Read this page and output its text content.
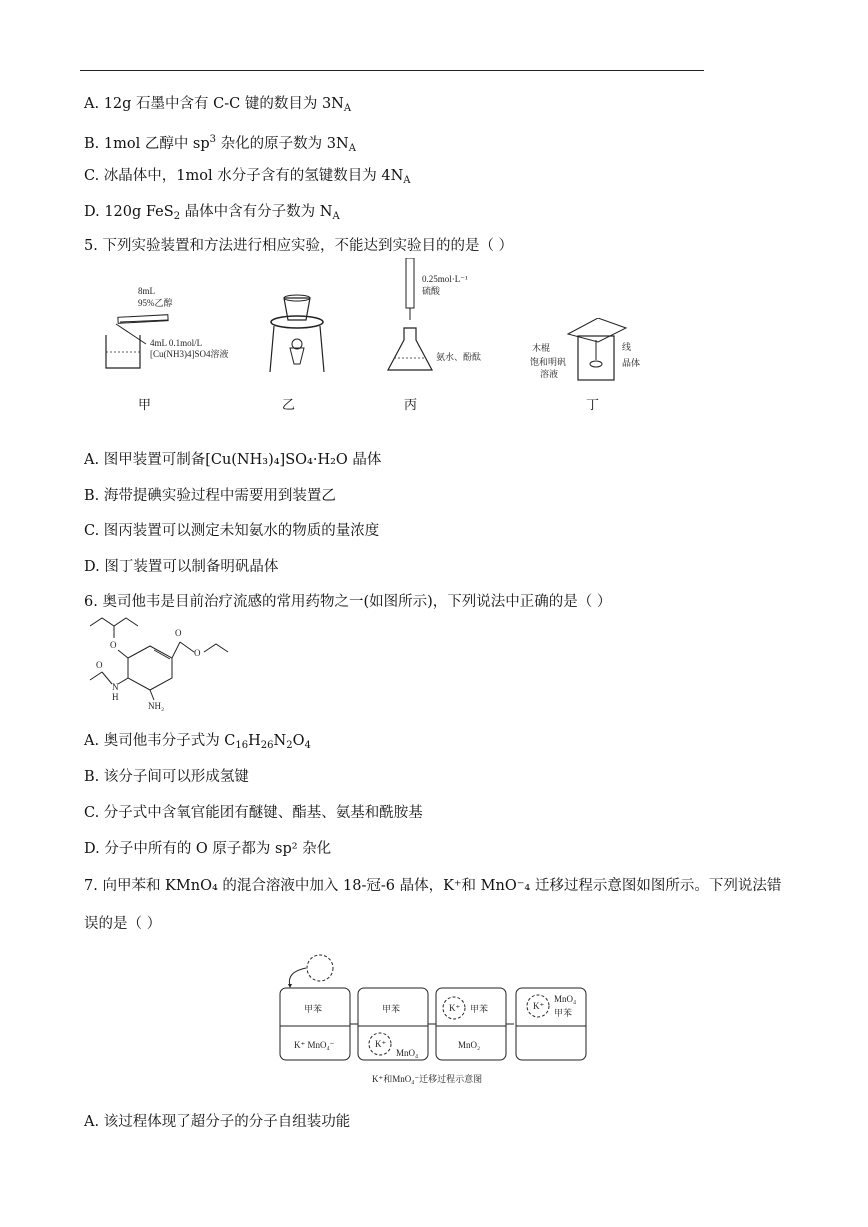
A. 12g 石墨中含有 C-C 键的数目为 $3N_A$
B. 1mol 乙醇中 $sp^3$ 杂化的原子数为 $3N_A$
C. 冰晶体中，1mol 水分子含有的氢键数目为 $4N_A$
D. 120g FeS$_2$ 晶体中含有分子数为 $N_A$
5. 下列实验装置和方法进行相应实验，不能达到实验目的的是（ ）
8mL
95%乙醇
4mL 0.1mol/L
[Cu(NH3)4]SO4溶液
0.25mol·L⁻¹
硫酸
氨水、酚酞
木棍
饱和明矾
溶液
线
晶体
甲	乙	丙	丁
A. 图甲装置可制备[Cu(NH₃)₄]SO₄·H₂O 晶体
B. 海带提碘实验过程中需要用到装置乙
C. 图丙装置可以测定未知氨水的物质的量浓度
D. 图丁装置可以制备明矾晶体
6. 奥司他韦是目前治疗流感的常用药物之一(如图所示)，下列说法中正确的是（ ）
O
O
O
N
H
O
NH₂
A. 奥司他韦分子式为 $C_{16}H_{26}N_2O_4$
B. 该分子间可以形成氢键
C. 分子式中含氧官能团有醚键、酯基、氨基和酰胺基
D. 分子中所有的 O 原子都为 sp² 杂化
7. 向甲苯和 KMnO₄ 的混合溶液中加入 18-冠-6 晶体，K⁺和 MnO⁻₄ 迁移过程示意图如图所示。下列说法错
误的是（ ）
甲苯
K⁺ MnO₄⁻
甲苯
K⁺
MnO₄
K⁺ 甲苯
MnO₂
K⁺
MnO₄
甲苯
K⁺和MnO₄⁻迁移过程示意图
A. 该过程体现了超分子的分子自组装功能
